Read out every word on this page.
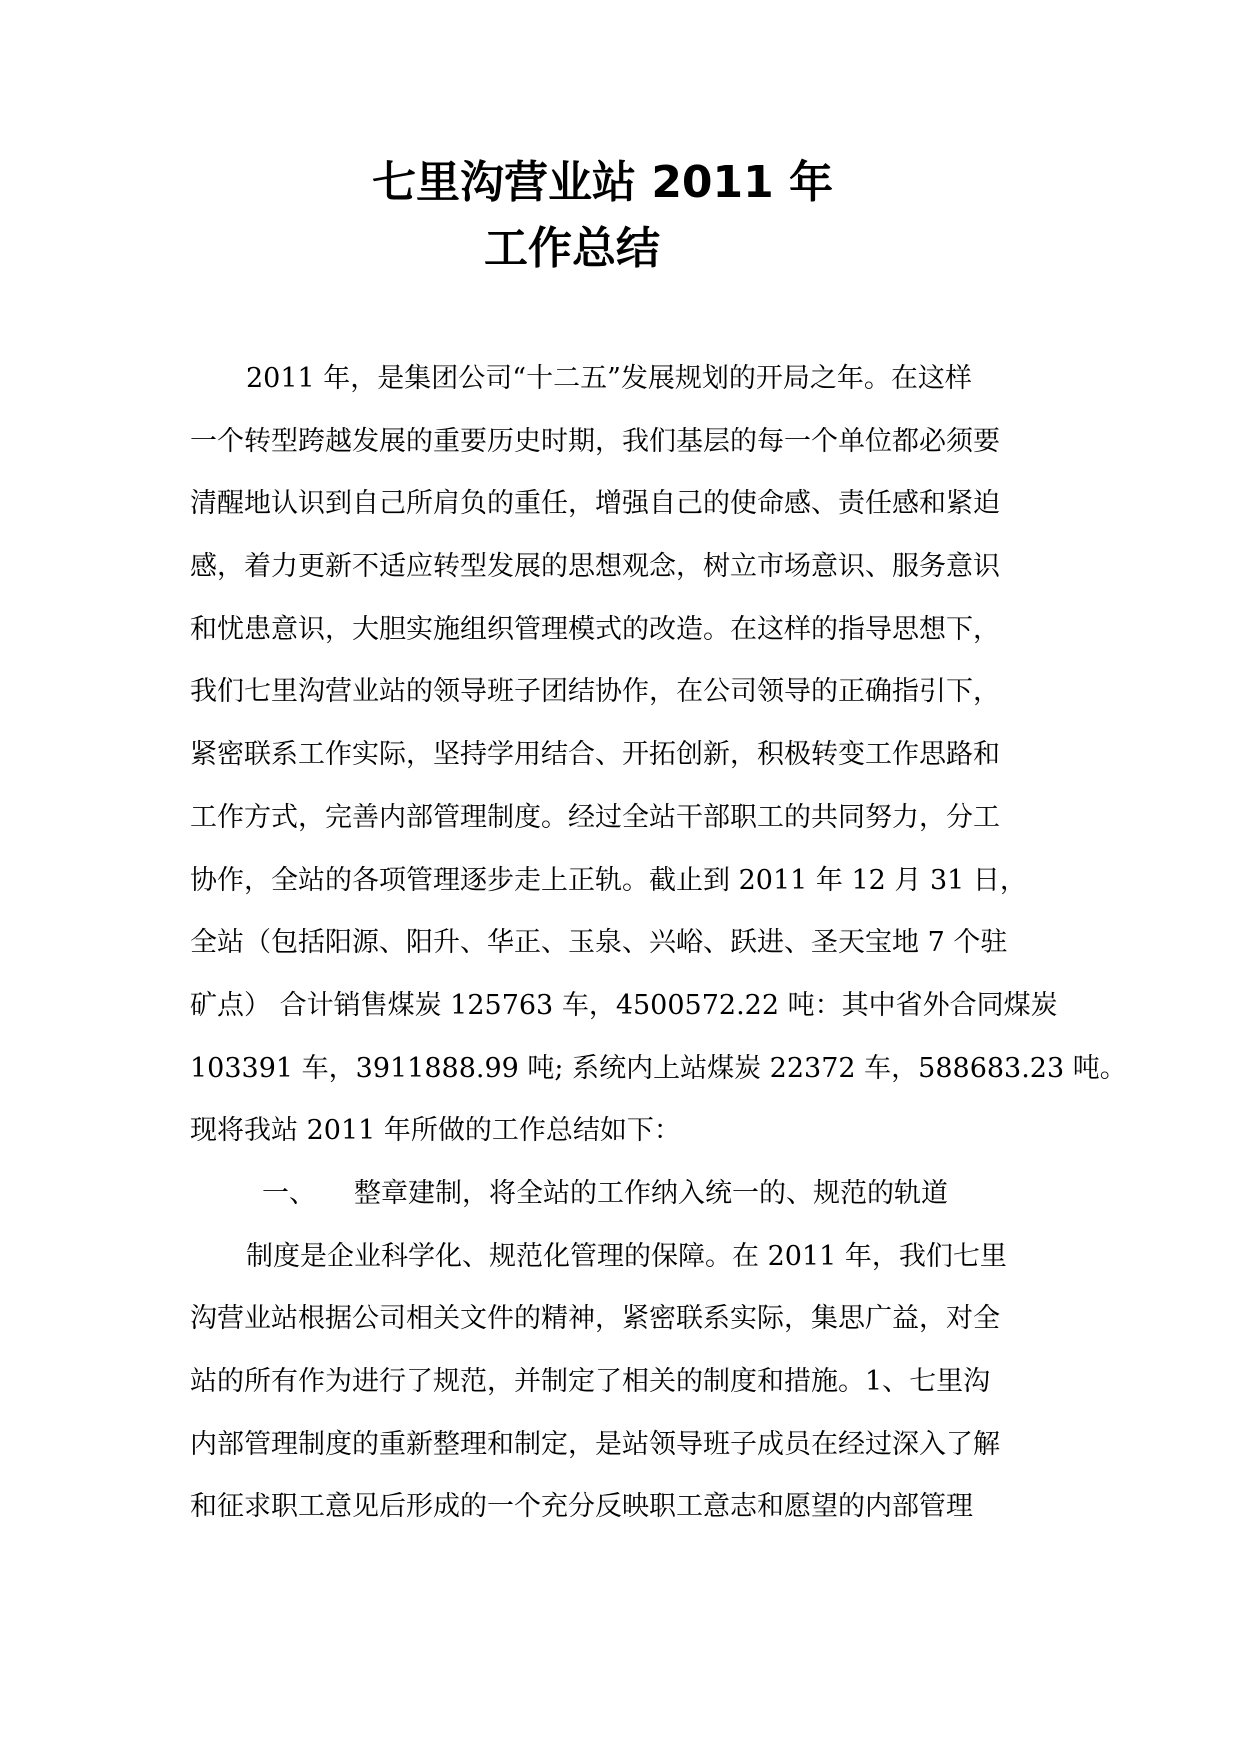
七里沟营业站 2011 年
工作总结
2011 年，是集团公司“十二五”发展规划的开局之年。在这样
一个转型跨越发展的重要历史时期，我们基层的每一个单位都必须要
清醒地认识到自己所肩负的重任，增强自己的使命感、责任感和紧迫
感，着力更新不适应转型发展的思想观念，树立市场意识、服务意识
和忧患意识，大胆实施组织管理模式的改造。在这样的指导思想下，
我们七里沟营业站的领导班子团结协作，在公司领导的正确指引下，
紧密联系工作实际，坚持学用结合、开拓创新，积极转变工作思路和
工作方式，完善内部管理制度。经过全站干部职工的共同努力，分工
协作，全站的各项管理逐步走上正轨。截止到 2011 年 12 月 31 日，
全站（包括阳源、阳升、华正、玉泉、兴峪、跃进、圣天宝地 7 个驻
矿点） 合计销售煤炭 125763 车，4500572.22 吨：其中省外合同煤炭
103391 车，3911888.99 吨; 系统内上站煤炭 22372 车，588683.23 吨。
现将我站 2011 年所做的工作总结如下：
一、 整章建制，将全站的工作纳入统一的、规范的轨道
制度是企业科学化、规范化管理的保障。在 2011 年，我们七里
沟营业站根据公司相关文件的精神，紧密联系实际，集思广益，对全
站的所有作为进行了规范，并制定了相关的制度和措施。1、七里沟
内部管理制度的重新整理和制定，是站领导班子成员在经过深入了解
和征求职工意见后形成的一个充分反映职工意志和愿望的内部管理
